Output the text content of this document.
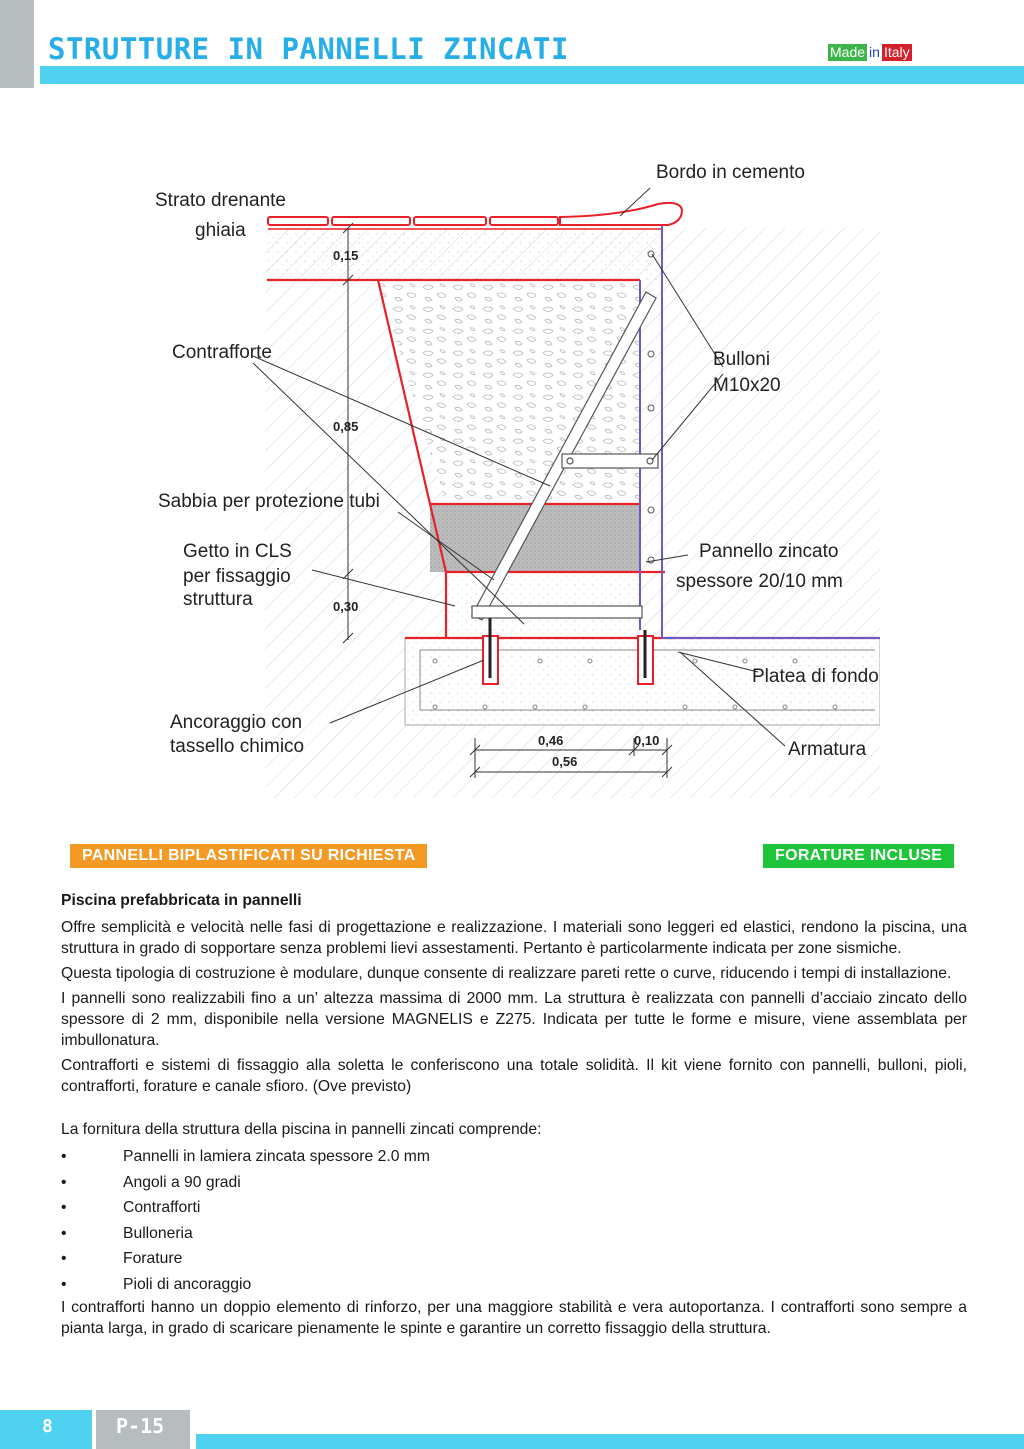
STRUTTURE IN PANNELLI ZINCATI	Made in Italy
Bordo in cemento
Strato drenante
ghiaia
Contrafforte	Bulloni
M10x20
Sabbia per protezione tubi
Getto in CLS
per fissaggio
struttura
Pannello zincato
spessore 20/10 mm
Platea di fondo
Ancoraggio con
tassello chimico	Armatura
0,15
0,85
0,30
0,46	0,10
0,56
PANNELLI BIPLASTIFICATI SU RICHIESTA	FORATURE INCLUSE

Piscina prefabbricata in pannelli

Offre semplicità e velocità nelle fasi di progettazione e realizzazione. I materiali sono leggeri ed elastici, rendono la piscina, una struttura in grado di sopportare senza problemi lievi assestamenti. Pertanto è particolarmente indicata per zone sismiche.

Questa tipologia di costruzione è modulare, dunque consente di realizzare pareti rette o curve, riducendo i tempi di installazione.

I pannelli sono realizzabili fino a un’ altezza massima di 2000 mm. La struttura è realizzata con pannelli d’acciaio zincato dello spessore di 2 mm, disponibile nella versione MAGNELIS e Z275. Indicata per tutte le forme e misure, viene assemblata per imbullonatura.

Contrafforti e sistemi di fissaggio alla soletta le conferiscono una totale solidità. Il kit viene fornito con pannelli, bulloni, pioli, contrafforti, forature e canale sfioro. (Ove previsto)

La fornitura della struttura della piscina in pannelli zincati comprende:

•	Pannelli in lamiera zincata spessore 2.0 mm
•	Angoli a 90 gradi
•	Contrafforti
•	Bulloneria
•	Forature
•	Pioli di ancoraggio

I contrafforti hanno un doppio elemento di rinforzo, per una maggiore stabilità e vera autoportanza. I contrafforti sono sempre a pianta larga, in grado di scaricare pienamente le spinte e garantire un corretto fissaggio della struttura.

8	P-15
